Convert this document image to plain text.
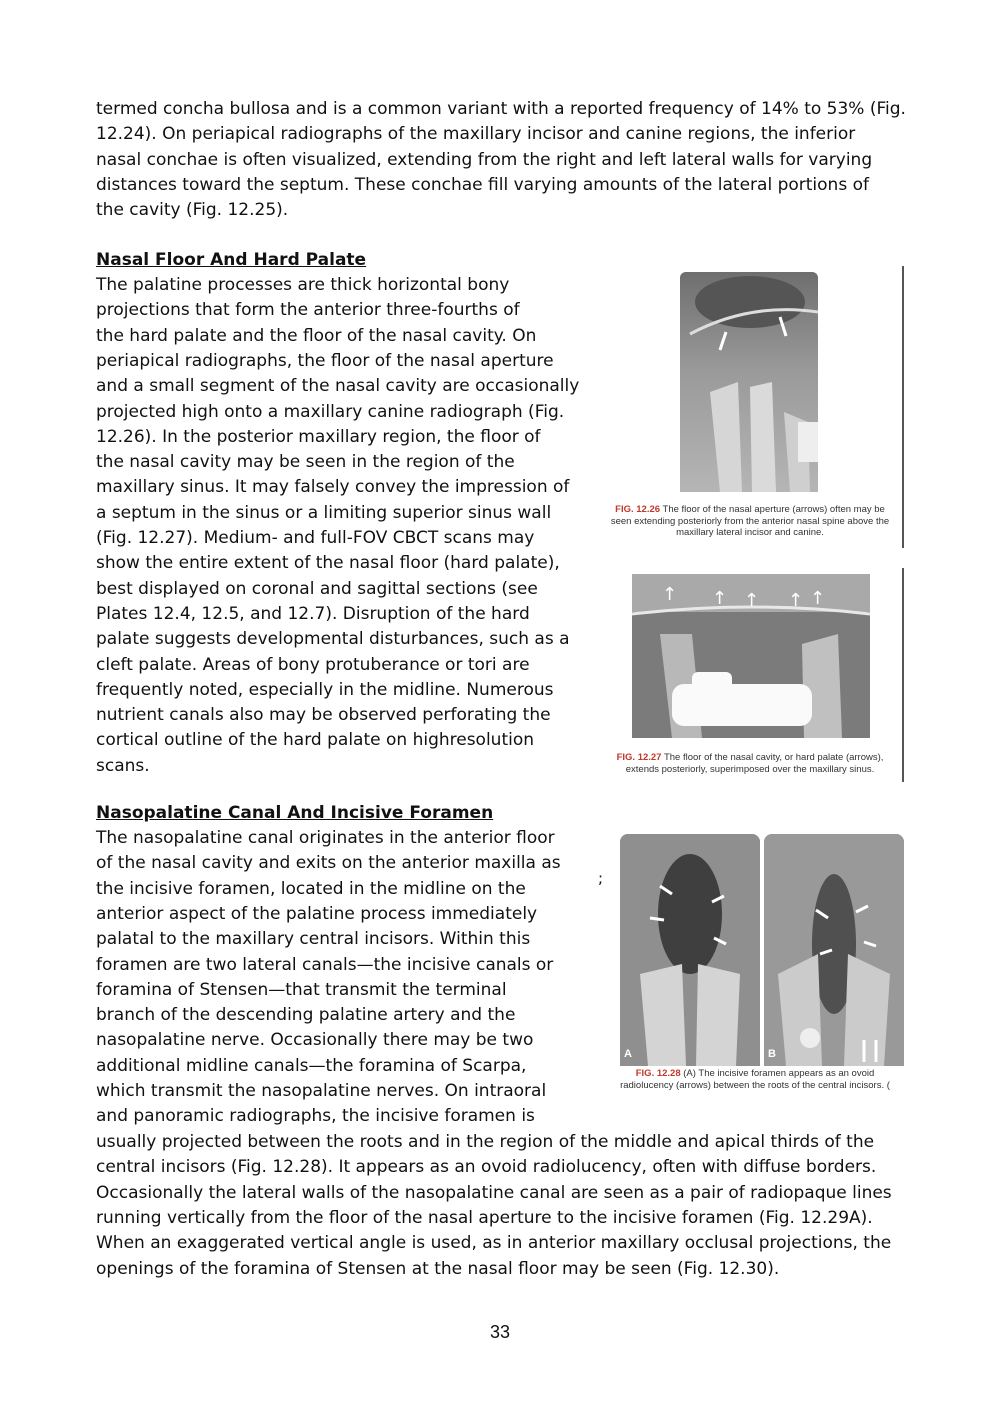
termed concha bullosa and is a common variant with a reported frequency of 14% to 53% (Fig.
12.24). On periapical radiographs of the maxillary incisor and canine regions, the inferior
nasal conchae is often visualized, extending from the right and left lateral walls for varying
distances toward the septum. These conchae fill varying amounts of the lateral portions of
the cavity (Fig. 12.25).
Nasal Floor And Hard Palate
The palatine processes are thick horizontal bony
projections that form the anterior three-fourths of
the hard palate and the floor of the nasal cavity. On
periapical radiographs, the floor of the nasal aperture
and a small segment of the nasal cavity are occasionally
projected high onto a maxillary canine radiograph (Fig.
12.26). In the posterior maxillary region, the floor of
the nasal cavity may be seen in the region of the
maxillary sinus. It may falsely convey the impression of
a septum in the sinus or a limiting superior sinus wall
(Fig. 12.27). Medium- and full-FOV CBCT scans may
show the entire extent of the nasal floor (hard palate),
best displayed on coronal and sagittal sections (see
Plates 12.4, 12.5, and 12.7). Disruption of the hard
palate suggests developmental disturbances, such as a
cleft palate. Areas of bony protuberance or tori are
frequently noted, especially in the midline. Numerous
nutrient canals also may be observed perforating the
cortical outline of the hard palate on highresolution
scans.
Nasopalatine Canal And Incisive Foramen
The nasopalatine canal originates in the anterior floor
of the nasal cavity and exits on the anterior maxilla as
the incisive foramen, located in the midline on the
anterior aspect of the palatine process immediately
palatal to the maxillary central incisors. Within this
foramen are two lateral canals—the incisive canals or
foramina of Stensen—that transmit the terminal
branch of the descending palatine artery and the
nasopalatine nerve. Occasionally there may be two
additional midline canals—the foramina of Scarpa,
which transmit the nasopalatine nerves. On intraoral
and panoramic radiographs, the incisive foramen is
usually projected between the roots and in the region of the middle and apical thirds of the
central incisors (Fig. 12.28). It appears as an ovoid radiolucency, often with diffuse borders.
Occasionally the lateral walls of the nasopalatine canal are seen as a pair of radiopaque lines
running vertically from the floor of the nasal aperture to the incisive foramen (Fig. 12.29A).
When an exaggerated vertical angle is used, as in anterior maxillary occlusal projections, the
openings of the foramina of Stensen at the nasal floor may be seen (Fig. 12.30).
FIG. 12.26 The floor of the nasal aperture (arrows) often may be
seen extending posteriorly from the anterior nasal spine above the
maxillary lateral incisor and canine.
↑ ↑ ↑ ↑ ↑
FIG. 12.27 The floor of the nasal cavity, or hard palate (arrows),
extends posteriorly, superimposed over the maxillary sinus.
;
A	B
FIG. 12.28 (A) The incisive foramen appears as an ovoid
radiolucency (arrows) between the roots of the central incisors. (
33
